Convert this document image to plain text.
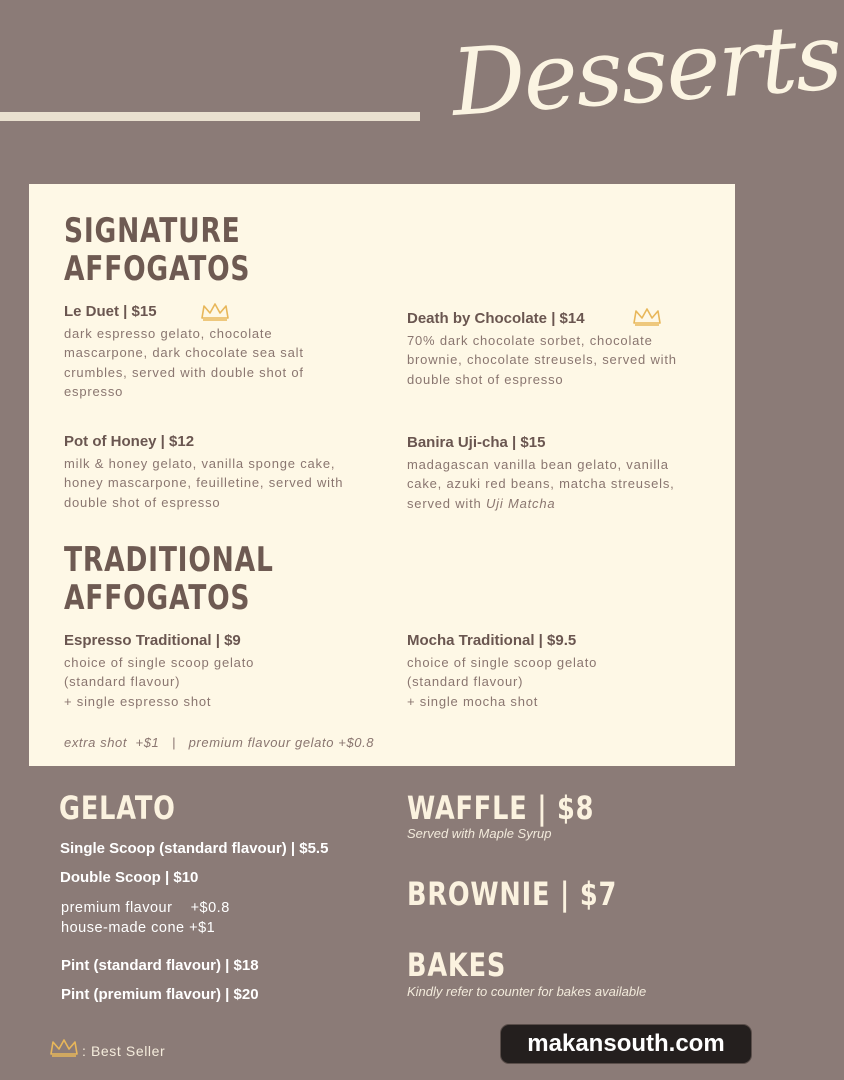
Desserts
SIGNATURE
AFFOGATOS
Le Duet | $15
dark espresso gelato, chocolate mascarpone, dark chocolate sea salt crumbles, served with double shot of espresso
Death by Chocolate | $14
70% dark chocolate sorbet, chocolate brownie, chocolate streusels, served with double shot of espresso
Pot of Honey | $12
milk & honey gelato, vanilla sponge cake, honey mascarpone, feuilletine, served with double shot of espresso
Banira Uji-cha | $15
madagascan vanilla bean gelato, vanilla cake, azuki red beans, matcha streusels, served with Uji Matcha
TRADITIONAL
AFFOGATOS
Espresso Traditional | $9
choice of single scoop gelato
(standard flavour)
+ single espresso shot
Mocha Traditional | $9.5
choice of single scoop gelato
(standard flavour)
+ single mocha shot
extra shot  +$1   |   premium flavour gelato +$0.8
GELATO
Single Scoop (standard flavour) | $5.5
Double Scoop | $10
premium flavour    +$0.8
house-made cone +$1
Pint (standard flavour) | $18
Pint (premium flavour) | $20
WAFFLE | $8
Served with Maple Syrup
BROWNIE | $7
BAKES
Kindly refer to counter for bakes available
: Best Seller	makansouth.com
